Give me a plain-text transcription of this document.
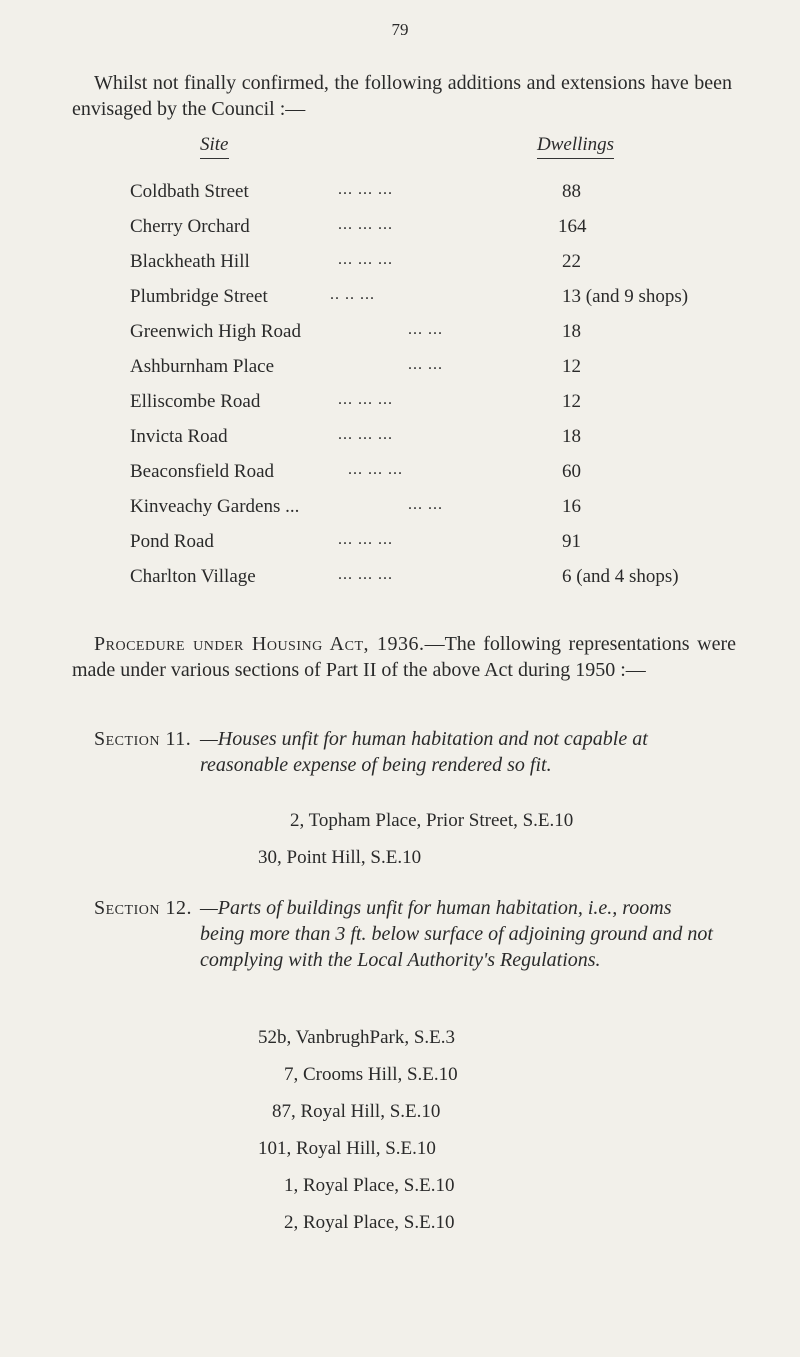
79

Whilst not finally confirmed, the following additions and extensions have been envisaged by the Council :—

Site	Dwellings
Coldbath Street	... ... ...	88
Cherry Orchard	... ... ...	164
Blackheath Hill	... ... ...	22
Plumbridge Street	.. .. ...	13 (and 9 shops)
Greenwich High Road	... ...	18
Ashburnham Place	... ...	12
Elliscombe Road	... ... ...	12
Invicta Road	... ... ...	18
Beaconsfield Road	... ... ...	60
Kinveachy Gardens ...	... ...	16
Pond Road	... ... ...	91
Charlton Village	... ... ...	6 (and 4 shops)

Procedure under Housing Act, 1936.—The following representations were made under various sections of Part II of the above Act during 1950 :—

Section 11. —Houses unfit for human habitation and not capable at reasonable expense of being rendered so fit.
2, Topham Place, Prior Street, S.E.10
30, Point Hill, S.E.10
Section 12. —Parts of buildings unfit for human habitation, i.e., rooms being more than 3 ft. below surface of adjoining ground and not complying with the Local Authority's Regulations.
52b, VanbrughPark, S.E.3
7, Crooms Hill, S.E.10
87, Royal Hill, S.E.10
101, Royal Hill, S.E.10
1, Royal Place, S.E.10
2, Royal Place, S.E.10
